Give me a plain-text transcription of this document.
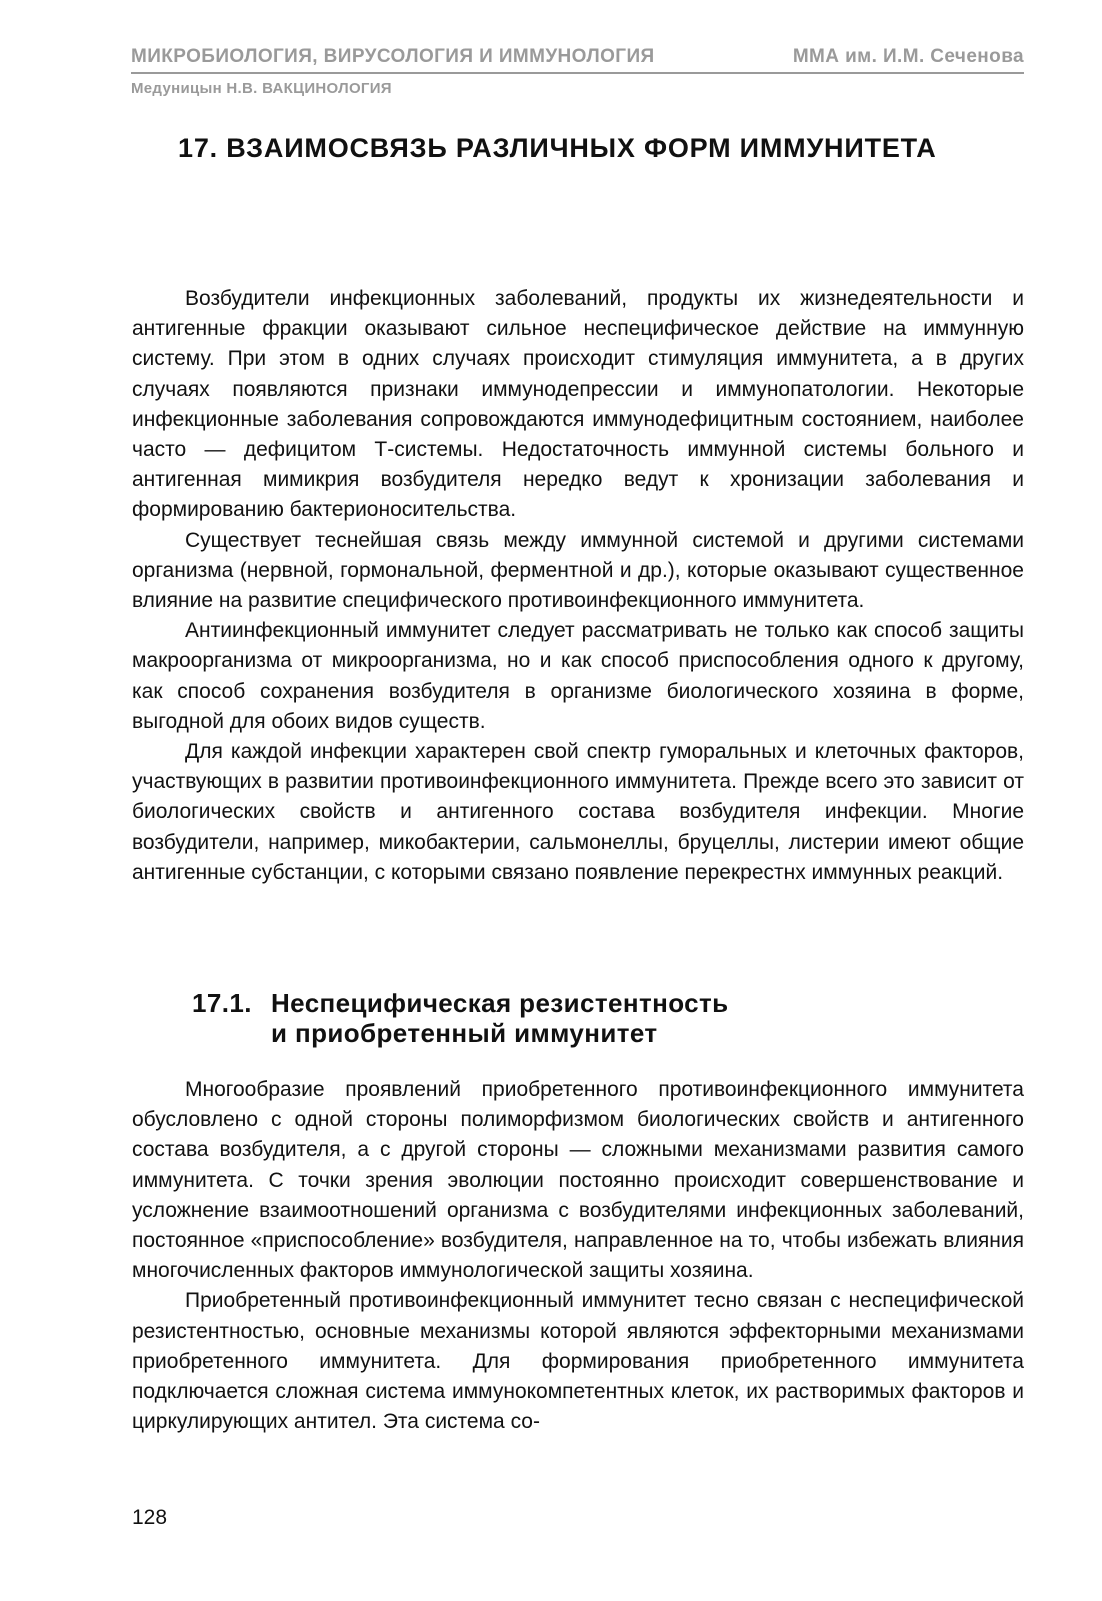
МИКРОБИОЛОГИЯ, ВИРУСОЛОГИЯ И ИММУНОЛОГИЯ	ММА им. И.М. Сеченова
Медуницын Н.В. ВАКЦИНОЛОГИЯ
17. ВЗАИМОСВЯЗЬ РАЗЛИЧНЫХ ФОРМ ИММУНИТЕТА

Возбудители инфекционных заболеваний, продукты их жизнедеятельности и антигенные фракции оказывают сильное неспецифическое действие на иммунную систему. При этом в одних случаях происходит стимуляция иммунитета, а в других случаях появляются признаки иммунодепрессии и иммунопатологии. Некоторые инфекционные заболевания сопровождаются иммунодефицитным состоянием, наиболее часто — дефицитом Т-системы. Недостаточность иммунной системы больного и антигенная мимикрия возбудителя нередко ведут к хронизации заболевания и формированию бактерионосительства.

Существует теснейшая связь между иммунной системой и другими системами организма (нервной, гормональной, ферментной и др.), которые оказывают существенное влияние на развитие специфического противоинфекционного иммунитета.

Антиинфекционный иммунитет следует рассматривать не только как способ защиты макроорганизма от микроорганизма, но и как способ приспособления одного к другому, как способ сохранения возбудителя в организме биологического хозяина в форме, выгодной для обоих видов существ.

Для каждой инфекции характерен свой спектр гуморальных и клеточных факторов, участвующих в развитии противоинфекционного иммунитета. Прежде всего это зависит от биологических свойств и антигенного состава возбудителя инфекции. Многие возбудители, например, микобактерии, сальмонеллы, бруцеллы, листерии имеют общие антигенные субстанции, с которыми связано появление перекрестнх иммунных реакций.

17.1. Неспецифическая резистентность
и приобретенный иммунитет

Многообразие проявлений приобретенного противоинфекционного иммунитета обусловлено с одной стороны полиморфизмом биологических свойств и антигенного состава возбудителя, а с другой стороны — сложными механизмами развития самого иммунитета. С точки зрения эволюции постоянно происходит совершенствование и усложнение взаимоотношений организма с возбудителями инфекционных заболеваний, постоянное «приспособление» возбудителя, направленное на то, чтобы избежать влияния многочисленных факторов иммунологической защиты хозяина.

Приобретенный противоинфекционный иммунитет тесно связан с неспецифической резистентностью, основные механизмы которой являются эффекторными механизмами приобретенного иммунитета. Для формирования приобретенного иммунитета подключается сложная система иммунокомпетентных клеток, их растворимых факторов и циркулирующих антител. Эта система со-

128
